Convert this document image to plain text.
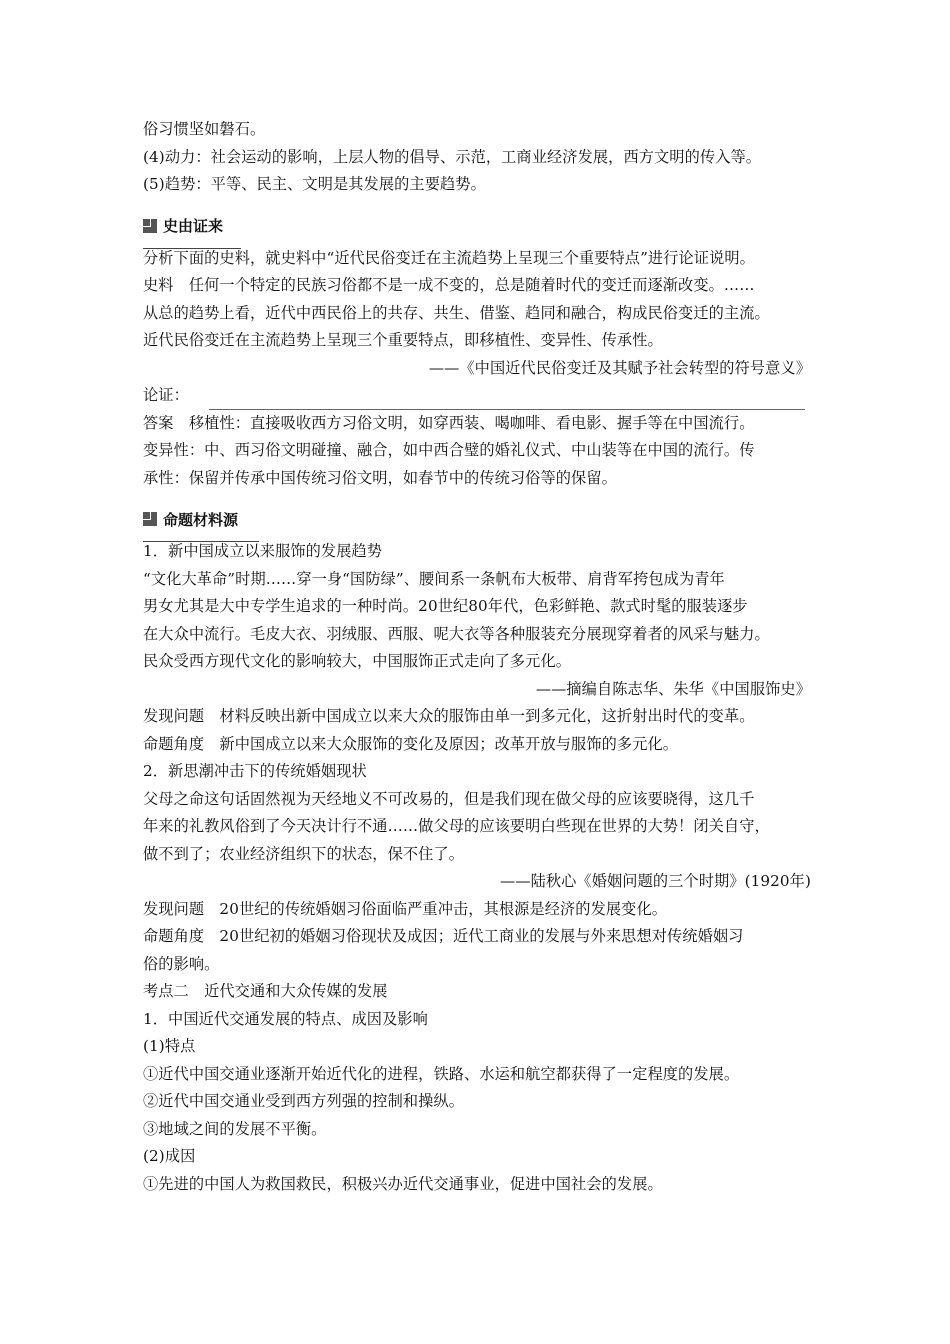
俗习惯坚如磐石。
(4)动力：社会运动的影响，上层人物的倡导、示范，工商业经济发展，西方文明的传入等。
(5)趋势：平等、民主、文明是其发展的主要趋势。
史由证来
分析下面的史料，就史料中“近代民俗变迁在主流趋势上呈现三个重要特点”进行论证说明。
史料　任何一个特定的民族习俗都不是一成不变的，总是随着时代的变迁而逐渐改变。……
从总的趋势上看，近代中西民俗上的共存、共生、借鉴、趋同和融合，构成民俗变迁的主流。
近代民俗变迁在主流趋势上呈现三个重要特点，即移植性、变异性、传承性。
——《中国近代民俗变迁及其赋予社会转型的符号意义》
论证：
答案　移植性：直接吸收西方习俗文明，如穿西装、喝咖啡、看电影、握手等在中国流行。
变异性：中、西习俗文明碰撞、融合，如中西合璧的婚礼仪式、中山装等在中国的流行。传
承性：保留并传承中国传统习俗文明，如春节中的传统习俗等的保留。
命题材料源
1．新中国成立以来服饰的发展趋势
“文化大革命”时期……穿一身“国防绿”、腰间系一条帆布大板带、肩背军挎包成为青年
男女尤其是大中专学生追求的一种时尚。20世纪80年代，色彩鲜艳、款式时髦的服装逐步
在大众中流行。毛皮大衣、羽绒服、西服、呢大衣等各种服装充分展现穿着者的风采与魅力。
民众受西方现代文化的影响较大，中国服饰正式走向了多元化。
——摘编自陈志华、朱华《中国服饰史》
发现问题　材料反映出新中国成立以来大众的服饰由单一到多元化，这折射出时代的变革。
命题角度　新中国成立以来大众服饰的变化及原因；改革开放与服饰的多元化。
2．新思潮冲击下的传统婚姻现状
父母之命这句话固然视为天经地义不可改易的，但是我们现在做父母的应该要晓得，这几千
年来的礼教风俗到了今天决计行不通……做父母的应该要明白些现在世界的大势！闭关自守，
做不到了；农业经济组织下的状态，保不住了。
——陆秋心《婚姻问题的三个时期》(1920年)
发现问题　20世纪的传统婚姻习俗面临严重冲击，其根源是经济的发展变化。
命题角度　20世纪初的婚姻习俗现状及成因；近代工商业的发展与外来思想对传统婚姻习
俗的影响。
考点二　近代交通和大众传媒的发展
1．中国近代交通发展的特点、成因及影响
(1)特点
①近代中国交通业逐渐开始近代化的进程，铁路、水运和航空都获得了一定程度的发展。
②近代中国交通业受到西方列强的控制和操纵。
③地域之间的发展不平衡。
(2)成因
①先进的中国人为救国救民，积极兴办近代交通事业，促进中国社会的发展。
